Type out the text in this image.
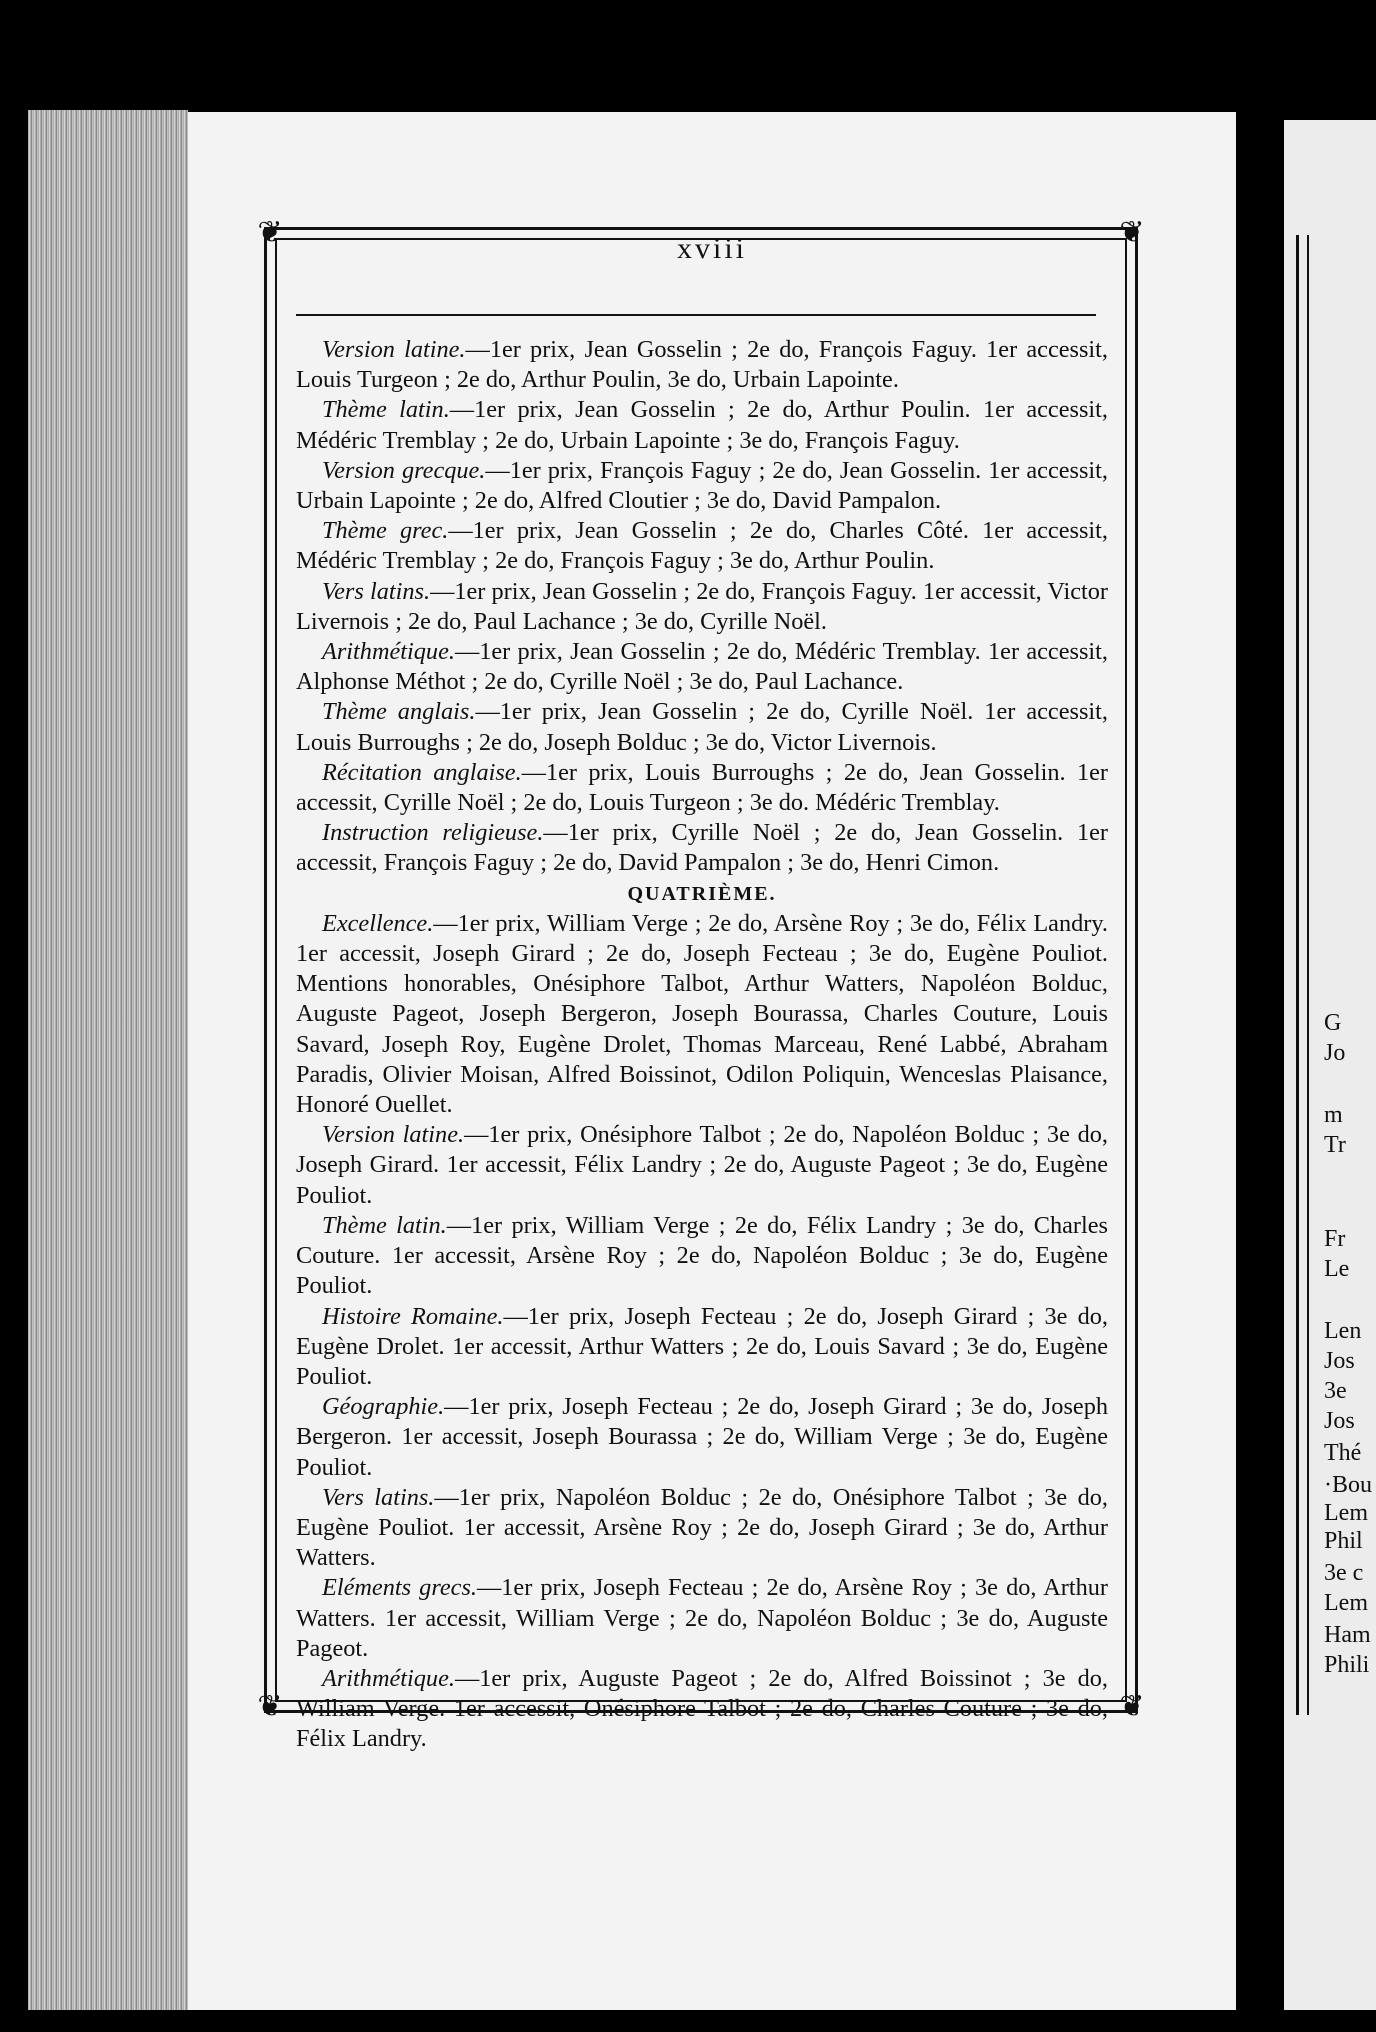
❦	❦
❦	❦
xviii

Version latine.—1er prix, Jean Gosselin ; 2e do, François Faguy. 1er accessit, Louis Turgeon ; 2e do, Arthur Poulin, 3e do, Urbain Lapointe.

Thème latin.—1er prix, Jean Gosselin ; 2e do, Arthur Poulin. 1er accessit, Médéric Tremblay ; 2e do, Urbain Lapointe ; 3e do, François Faguy.

Version grecque.—1er prix, François Faguy ; 2e do, Jean Gosselin. 1er accessit, Urbain Lapointe ; 2e do, Alfred Cloutier ; 3e do, David Pampalon.

Thème grec.—1er prix, Jean Gosselin ; 2e do, Charles Côté. 1er accessit, Médéric Tremblay ; 2e do, François Faguy ; 3e do, Arthur Poulin.

Vers latins.—1er prix, Jean Gosselin ; 2e do, François Faguy. 1er accessit, Victor Livernois ; 2e do, Paul Lachance ; 3e do, Cyrille Noël.

Arithmétique.—1er prix, Jean Gosselin ; 2e do, Médéric Tremblay. 1er accessit, Alphonse Méthot ; 2e do, Cyrille Noël ; 3e do, Paul Lachance.

Thème anglais.—1er prix, Jean Gosselin ; 2e do, Cyrille Noël. 1er accessit, Louis Burroughs ; 2e do, Joseph Bolduc ; 3e do, Victor Livernois.

Récitation anglaise.—1er prix, Louis Burroughs ; 2e do, Jean Gosselin. 1er accessit, Cyrille Noël ; 2e do, Louis Turgeon ; 3e do. Médéric Tremblay.

Instruction religieuse.—1er prix, Cyrille Noël ; 2e do, Jean Gosselin. 1er accessit, François Faguy ; 2e do, David Pampalon ; 3e do, Henri Cimon.

QUATRIÈME.

Excellence.—1er prix, William Verge ; 2e do, Arsène Roy ; 3e do, Félix Landry. 1er accessit, Joseph Girard ; 2e do, Joseph Fecteau ; 3e do, Eugène Pouliot. Mentions honorables, Onésiphore Talbot, Arthur Watters, Napoléon Bolduc, Auguste Pageot, Joseph Bergeron, Joseph Bourassa, Charles Couture, Louis Savard, Joseph Roy, Eugène Drolet, Thomas Marceau, René Labbé, Abraham Paradis, Olivier Moisan, Alfred Boissinot, Odilon Poliquin, Wenceslas Plaisance, Honoré Ouellet.

Version latine.—1er prix, Onésiphore Talbot ; 2e do, Napoléon Bolduc ; 3e do, Joseph Girard. 1er accessit, Félix Landry ; 2e do, Auguste Pageot ; 3e do, Eugène Pouliot.

Thème latin.—1er prix, William Verge ; 2e do, Félix Landry ; 3e do, Charles Couture. 1er accessit, Arsène Roy ; 2e do, Napoléon Bolduc ; 3e do, Eugène Pouliot.

Histoire Romaine.—1er prix, Joseph Fecteau ; 2e do, Joseph Girard ; 3e do, Eugène Drolet. 1er accessit, Arthur Watters ; 2e do, Louis Savard ; 3e do, Eugène Pouliot.

Géographie.—1er prix, Joseph Fecteau ; 2e do, Joseph Girard ; 3e do, Joseph Bergeron. 1er accessit, Joseph Bourassa ; 2e do, William Verge ; 3e do, Eugène Pouliot.

Vers latins.—1er prix, Napoléon Bolduc ; 2e do, Onésiphore Talbot ; 3e do, Eugène Pouliot. 1er accessit, Arsène Roy ; 2e do, Joseph Girard ; 3e do, Arthur Watters.

Eléments grecs.—1er prix, Joseph Fecteau ; 2e do, Arsène Roy ; 3e do, Arthur Watters. 1er accessit, William Verge ; 2e do, Napoléon Bolduc ; 3e do, Auguste Pageot.

Arithmétique.—1er prix, Auguste Pageot ; 2e do, Alfred Boissinot ; 3e do, William Verge. 1er accessit, Onésiphore Talbot ; 2e do, Charles Couture ; 3e do, Félix Landry.

G
Jo
m
Tr
Fr
Le
Len
Jos
3e
Jos
Thé
·Bou
Lem
Phil
3e c
Lem
Ham
Phili
